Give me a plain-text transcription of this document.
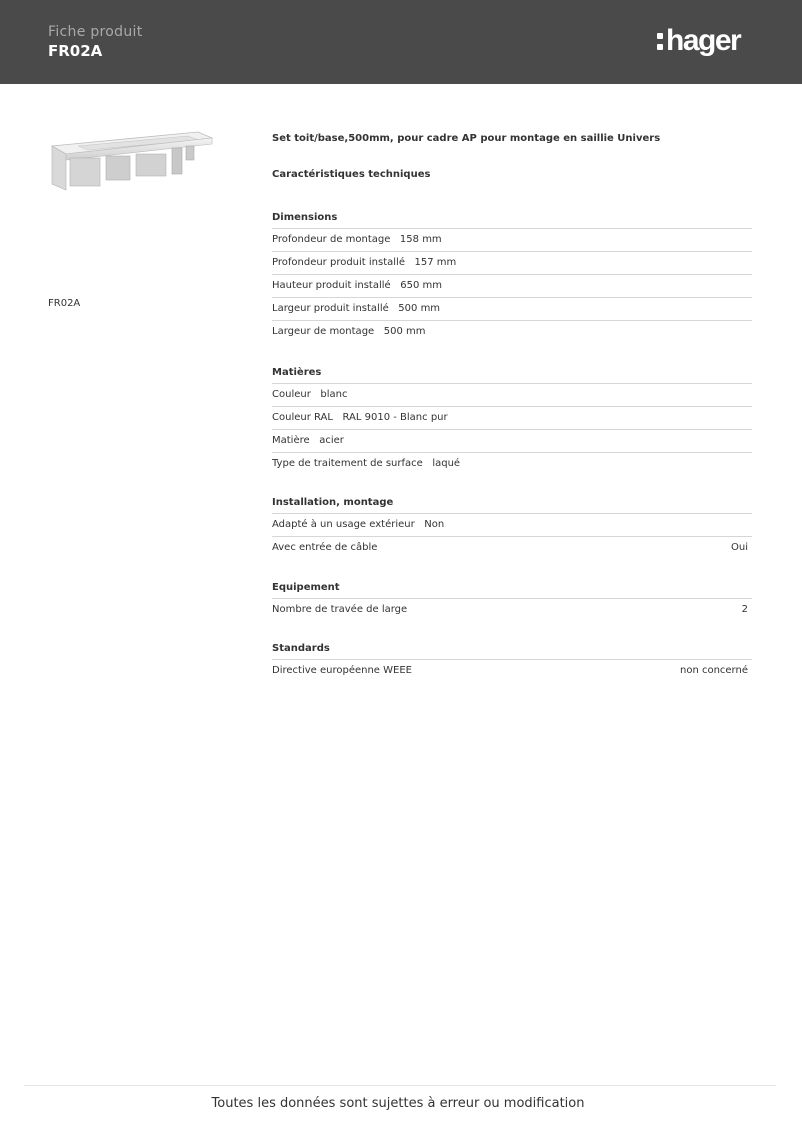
Fiche produit
FR02A	hager
FR02A
Set toit/base,500mm, pour cadre AP pour montage en saillie Univers
Caractéristiques techniques
Dimensions
Profondeur de montage   158 mm
Profondeur produit installé   157 mm
Hauteur produit installé   650 mm
Largeur produit installé   500 mm
Largeur de montage   500 mm
Matières
Couleur   blanc
Couleur RAL   RAL 9010 - Blanc pur
Matière   acier
Type de traitement de surface   laqué
Installation, montage
Adapté à un usage extérieur   Non
Avec entrée de câble	Oui
Equipement
Nombre de travée de large	2
Standards
Directive européenne WEEE	non concerné
Toutes les données sont sujettes à erreur ou modification
